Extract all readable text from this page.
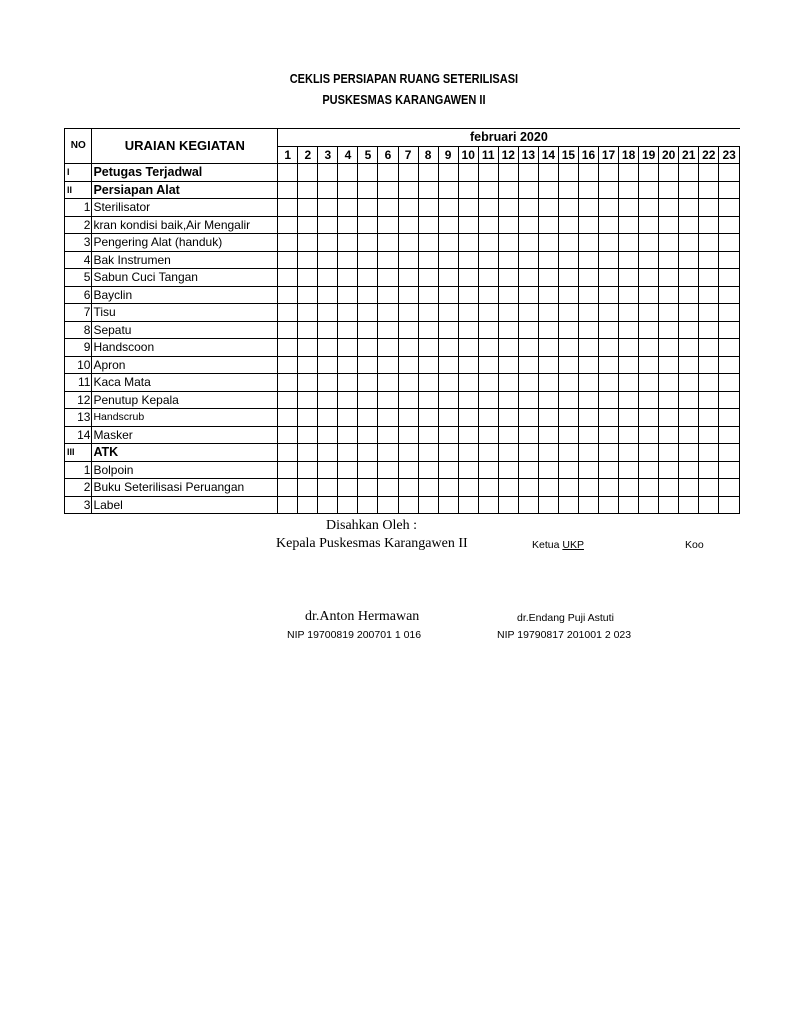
CEKLIS PERSIAPAN RUANG SETERILISASI
PUSKESMAS KARANGAWEN II
NO	URAIAN KEGIATAN	februari 2020																						
		1	2	3	4	5	6	7	8	9	10	11	12	13	14	15	16	17	18	19	20	21	22	23
I	Petugas Terjadwal																							
II	Persiapan Alat																							
1	Sterilisator																							
2	kran kondisi baik,Air Mengalir																							
3	Pengering Alat (handuk)																							
4	Bak Instrumen																							
5	Sabun Cuci Tangan																							
6	Bayclin																							
7	Tisu																							
8	Sepatu																							
9	Handscoon																							
10	Apron																							
11	Kaca Mata																							
12	Penutup Kepala																							
13	Handscrub																							
14	Masker																							
III	ATK																							
1	Bolpoin																							
2	Buku Seterilisasi Peruangan																							
3	Label																							
Disahkan Oleh :
Kepala Puskesmas Karangawen II	Ketua UKP	Koo
dr.Anton Hermawan
NIP 19700819 200701 1 016
dr.Endang Puji Astuti
NIP 19790817 201001 2 023
